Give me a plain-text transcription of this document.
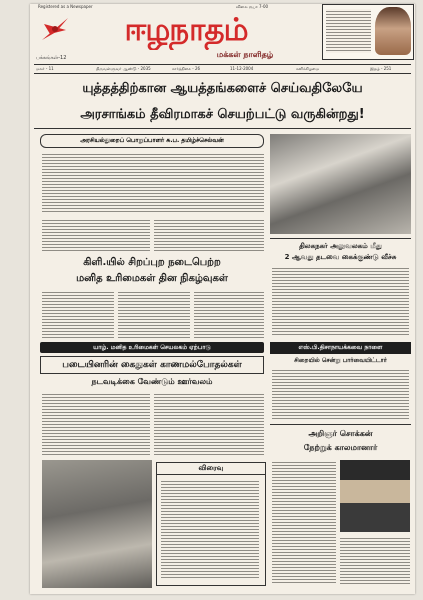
Registered as a Newspaper
ஈழநாதம்
மக்கள் நாளிதழ்
விலை ரூபா 7-00
பக்கங்கள்-12
மலர் - 11	திருவள்ளுவர் ஆண்டு - 2035	கார்த்திகை - 26	11-12-2004	சனிக்கிழமை	இதழ் - 251
யுத்தத்திற்கான ஆயத்தங்களைச் செய்வதிலேயே
அரசாங்கம் தீவிரமாகச் செயற்பட்டு வருகின்றது!
அரசியல்துறைப் பொறுப்பாளர் சு.ப. தமிழ்ச்செல்வன்
திலகநகர் அலுவலகம் மீது
2 ஆவது தடவை கைக்குண்டு வீச்சு
கிளி.யில் சிறப்புற நடைபெற்ற
மனித உரிமைகள் தின நிகழ்வுகள்
எஸ்.பி.திசாநாயக்கவை நாளை
சிறையில் சென்று பார்வையிட்டார்
யாழ். மனித உரிமைகள் செயலகம் ஏற்பாடு
படையினரின் கைதுகள் காணமல்போதல்கள்
நடவடிக்கை வேண்டும் ஊர்வலம்
விரைவு
அறிஞர் சொக்கன்
நேற்றுக் காலமானார்
